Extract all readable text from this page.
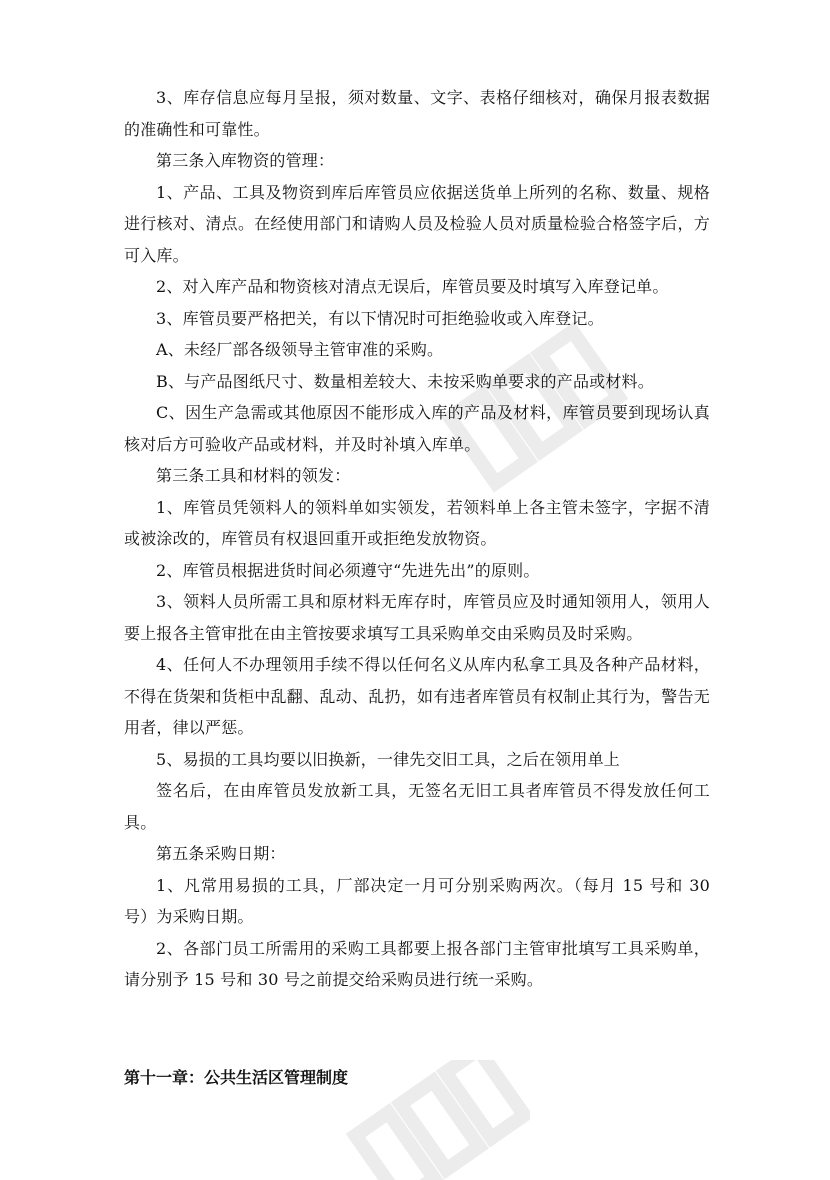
3、库存信息应每月呈报，须对数量、文字、表格仔细核对，确保月报表数据的准确性和可靠性。

第三条入库物资的管理：

1、产品、工具及物资到库后库管员应依据送货单上所列的名称、数量、规格进行核对、清点。在经使用部门和请购人员及检验人员对质量检验合格签字后，方可入库。

2、对入库产品和物资核对清点无误后，库管员要及时填写入库登记单。

3、库管员要严格把关，有以下情况时可拒绝验收或入库登记。

A、未经厂部各级领导主管审准的采购。

B、与产品图纸尺寸、数量相差较大、未按采购单要求的产品或材料。

C、因生产急需或其他原因不能形成入库的产品及材料，库管员要到现场认真核对后方可验收产品或材料，并及时补填入库单。

第三条工具和材料的领发：

1、库管员凭领料人的领料单如实领发，若领料单上各主管未签字，字据不清或被涂改的，库管员有权退回重开或拒绝发放物资。

2、库管员根据进货时间必须遵守“先进先出”的原则。

3、领料人员所需工具和原材料无库存时，库管员应及时通知领用人，领用人要上报各主管审批在由主管按要求填写工具采购单交由采购员及时采购。

4、任何人不办理领用手续不得以任何名义从库内私拿工具及各种产品材料，不得在货架和货柜中乱翻、乱动、乱扔，如有违者库管员有权制止其行为，警告无用者，律以严惩。

5、易损的工具均要以旧换新，一律先交旧工具，之后在领用单上

签名后，在由库管员发放新工具，无签名无旧工具者库管员不得发放任何工具。

第五条采购日期：

1、凡常用易损的工具，厂部决定一月可分别采购两次。（每月 15 号和 30 号）为采购日期。

2、各部门员工所需用的采购工具都要上报各部门主管审批填写工具采购单，请分别予 15 号和 30 号之前提交给采购员进行统一采购。

第十一章：公共生活区管理制度
